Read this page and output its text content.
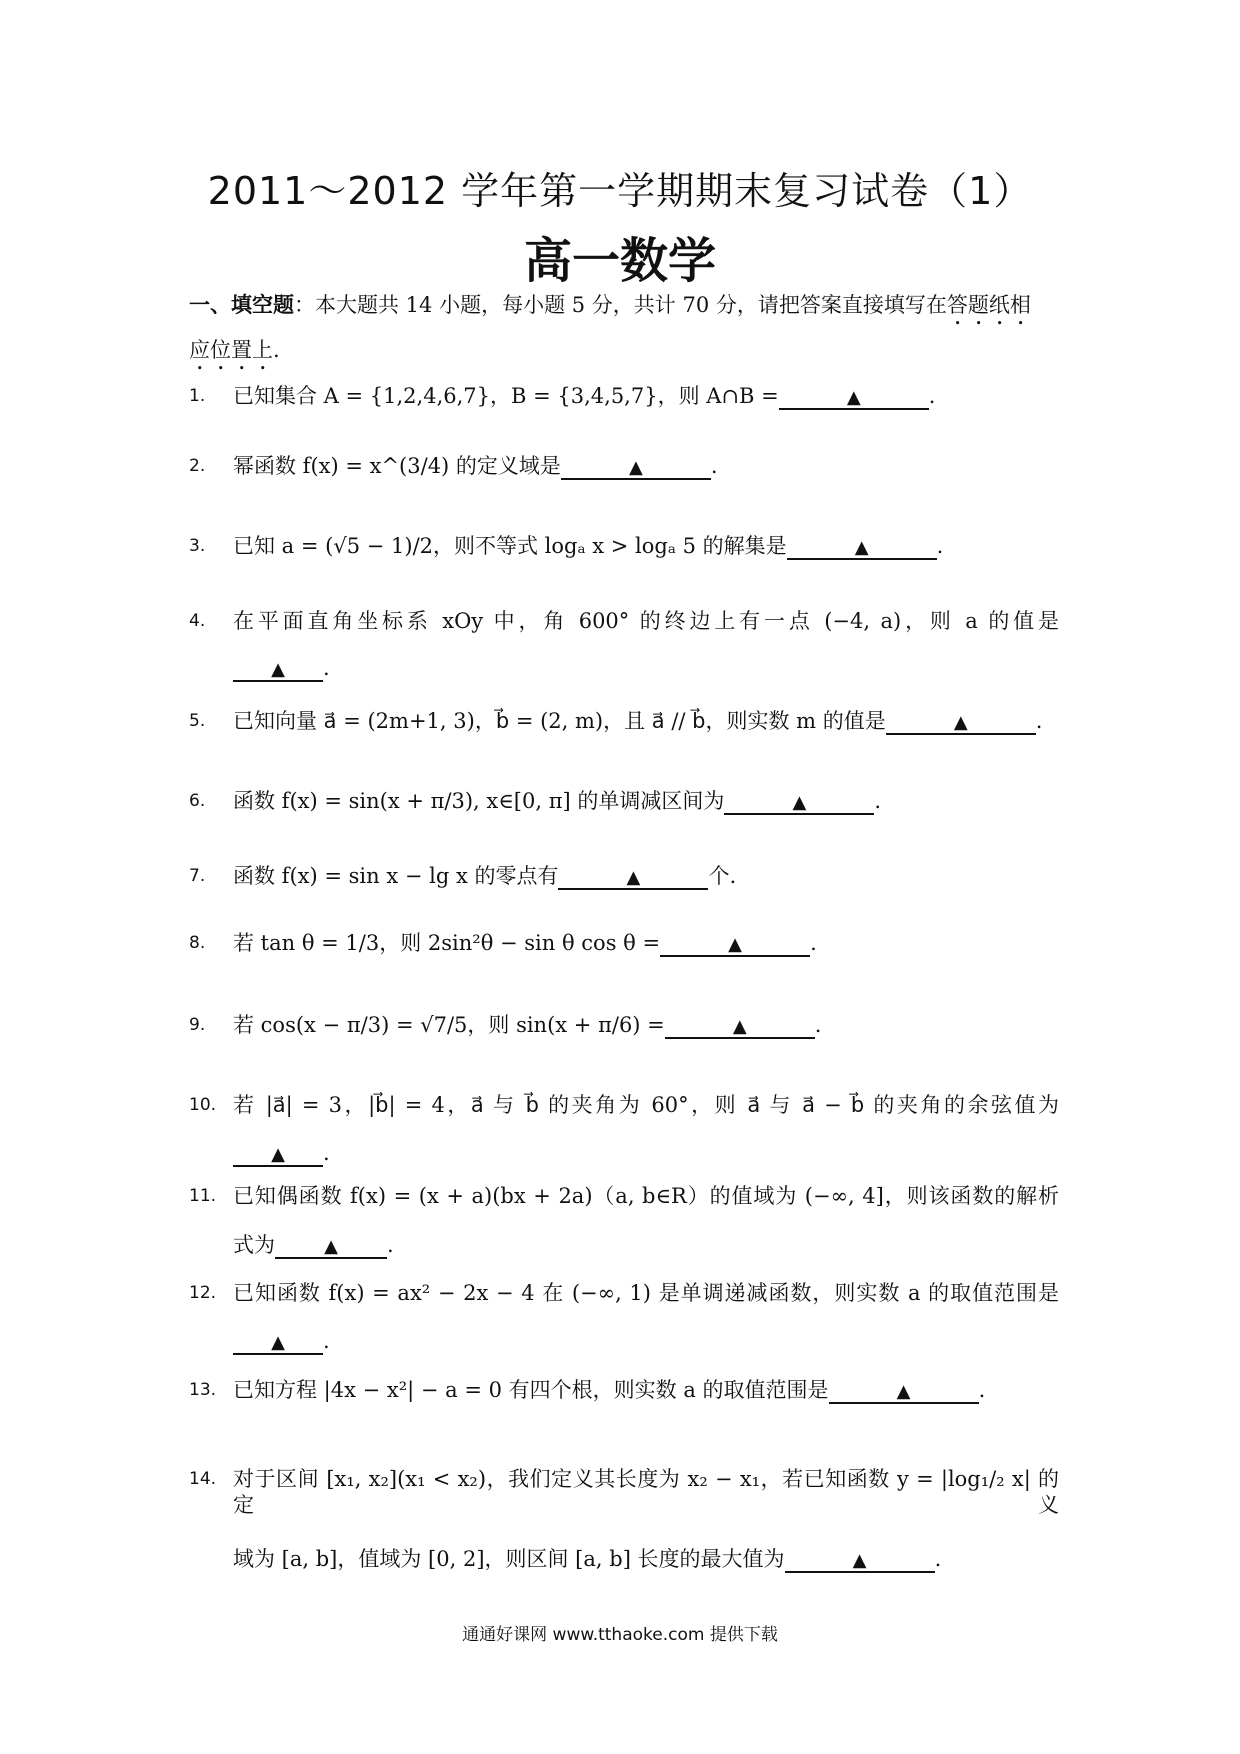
2011～2012 学年第一学期期末复习试卷（1）
高一数学
一、填空题：本大题共 14 小题，每小题 5 分，共计 70 分，请把答案直接填写在答题纸相
应位置上.
1.	已知集合 A = {1,2,4,6,7}，B = {3,4,5,7}，则 A∩B =	▲	.
2.	幂函数 f(x) = x^(3/4) 的定义域是	▲	.
3.	已知 a = (√5 − 1)/2，则不等式 logₐ x > logₐ 5 的解集是	▲	.
4.	在平面直角坐标系 xOy 中，角 600° 的终边上有一点 (−4, a)，则 a 的值是
▲ .
5.	已知向量 a⃗ = (2m+1, 3)，b⃗ = (2, m)，且 a⃗ // b⃗，则实数 m 的值是	▲	.
6.	函数 f(x) = sin(x + π/3), x∈[0, π] 的单调减区间为	▲	.
7.	函数 f(x) = sin x − lg x 的零点有	▲	个.
8.	若 tan θ = 1/3，则 2sin²θ − sin θ cos θ =	▲	.
9.	若 cos(x − π/3) = √7/5，则 sin(x + π/6) =	▲	.
10. 若 |a⃗| = 3，|b⃗| = 4，a⃗ 与 b⃗ 的夹角为 60°，则 a⃗ 与 a⃗ − b⃗ 的夹角的余弦值为
▲ .
11. 已知偶函数 f(x) = (x + a)(bx + 2a)（a, b∈R）的值域为 (−∞, 4]，则该函数的解析
式为	▲ .
12. 已知函数 f(x) = ax² − 2x − 4 在 (−∞, 1) 是单调递减函数，则实数 a 的取值范围是
▲ .
13. 已知方程 |4x − x²| − a = 0 有四个根，则实数 a 的取值范围是	▲	.
14. 对于区间 [x₁, x₂](x₁ < x₂)，我们定义其长度为 x₂ − x₁，若已知函数 y = |log₁/₂ x| 的定义
域为 [a, b]，值域为 [0, 2]，则区间 [a, b] 长度的最大值为	▲	.
通通好课网 www.tthaoke.com 提供下载
